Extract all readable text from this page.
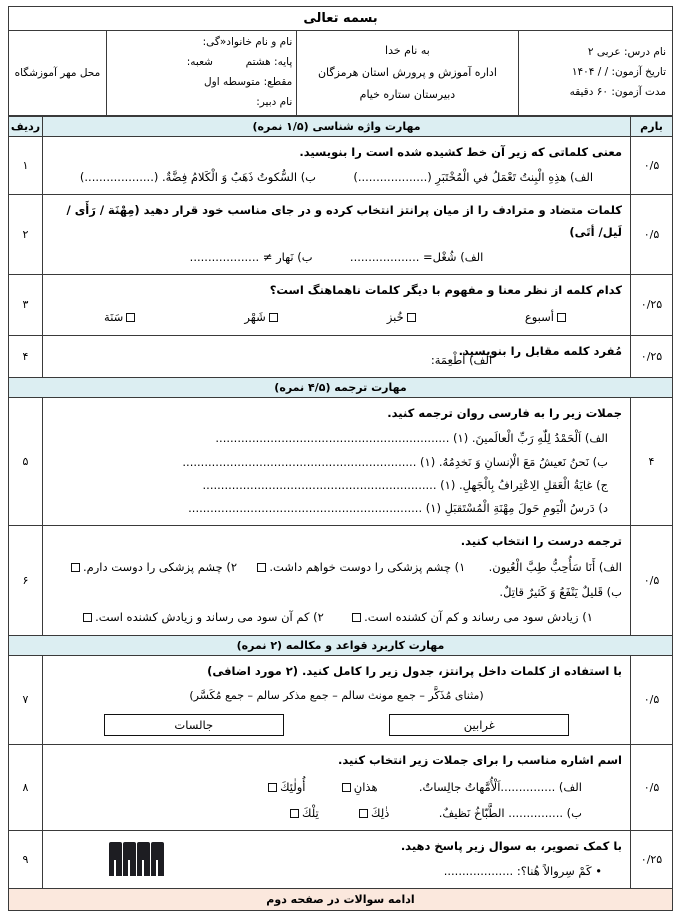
بسمه تعالی

نام درس: عربی ۲
تاریخ آزمون: / / ۱۴۰۴
مدت آزمون: ۶۰ دقیقه

به نام خدا
اداره آموزش و پرورش استان هرمزگان
دبیرستان ستاره خیام

نام و نام خانواد«گی:
پایه: هشتم  شعبه:
مقطع: متوسطه اول
نام دبیر:
	محل مهر آموزشگاه
بارم	مهارت واژه شناسی (۱/۵ نمره)	ردیف
۰/۵	معنی کلماتی که زیر آن خط کشیده شده است را بنویسید.
الف) هذِهِ الْبِنتُ تَعْمَلُ في الْمُخْتَبَرِ (...................)  ب) السُّکوتُ ذَهَبٌ وَ الْکَلامُ فِضَّةٌ. (...................)	۱
۰/۵	کلمات متضاد و مترادف را از میان پرانتز انتخاب کرده و در جای مناسب خود قرار دهید (مِهْنَة / رَأَى / لَیل/ أتَى)
الف) شُغْل= ...................  ب) نَهار ≠ ...................	۲
۰/۲۵	کدام کلمه از نظر معنا و مفهوم با دیگر کلمات ناهماهنگ است؟
أسبوع
خُبز
شَهْر
سَنَة	۳
۰/۲۵	مُفرد کلمه مقابل را بنویسید.
الف) أطْعِمَة:	۴
مهارت ترجمه (۴/۵ نمره)		
۴	جملات زیر را به فارسی روان ترجمه کنید.
الف) اَلْحَمْدُ لِلّٰهِ رَبِّ الْعالَمینَ. (۱) ................................................................
ب) نَحنُ نَعیشُ مَعَ الْإنسانِ وَ نَخدِمُهُ. (۱) ................................................................
ج) غایَةُ الْعَقلِ الِاعْتِرافُ بِالْجَهلِ. (۱) ................................................................
د) دَرسُ الْیَومِ حَولَ مِهْنَةِ الْمُسْتَقبَلِ (۱) ................................................................	۵
۰/۵	ترجمه درست را انتخاب کنید.
الف) أَنَا سَأُحِبُّ طِبَّ الْعُیون.  ۱) چشم پزشکی را دوست خواهم داشت.  ۲) چشم پزشکی را دوست دارم.
ب) قَلیلٌ یَنْفَعُ وَ کَثیرٌ قاتِلٌ.
۱) زیادش سود می رساند و کم آن کشنده است.  ۲) کم آن سود می رساند و زیادش کشنده است.	۶
مهارت کاربرد قواعد و مکالمه (۲ نمره)		
۰/۵	با استفاده از کلمات داخل پرانتز، جدول زیر را کامل کنید. (۲ مورد اضافی)
(مثنای مُذَکَّر – جمع مونث سالم – جمع مذکر سالم – جمع مُکَسَّر)
غرابین
جالسات	۷
۰/۵	اسم اشاره مناسب را برای جملات زیر انتخاب کنید.
الف) ...............اَلْأُمَّهاتُ جالِساتٌ.  هذانِ  أُولٰئِكَ
ب) ............... الطَّبّاخُ نَظیفٌ.  ذٰلِكَ  تِلْكَ	۸
۰/۲۵	با کمک تصویر، به سوال زیر پاسخ دهید.
• کَمْ سِروالاً هُنا؟: ...................	۹
ادامه سوالات در صفحه دوم		
